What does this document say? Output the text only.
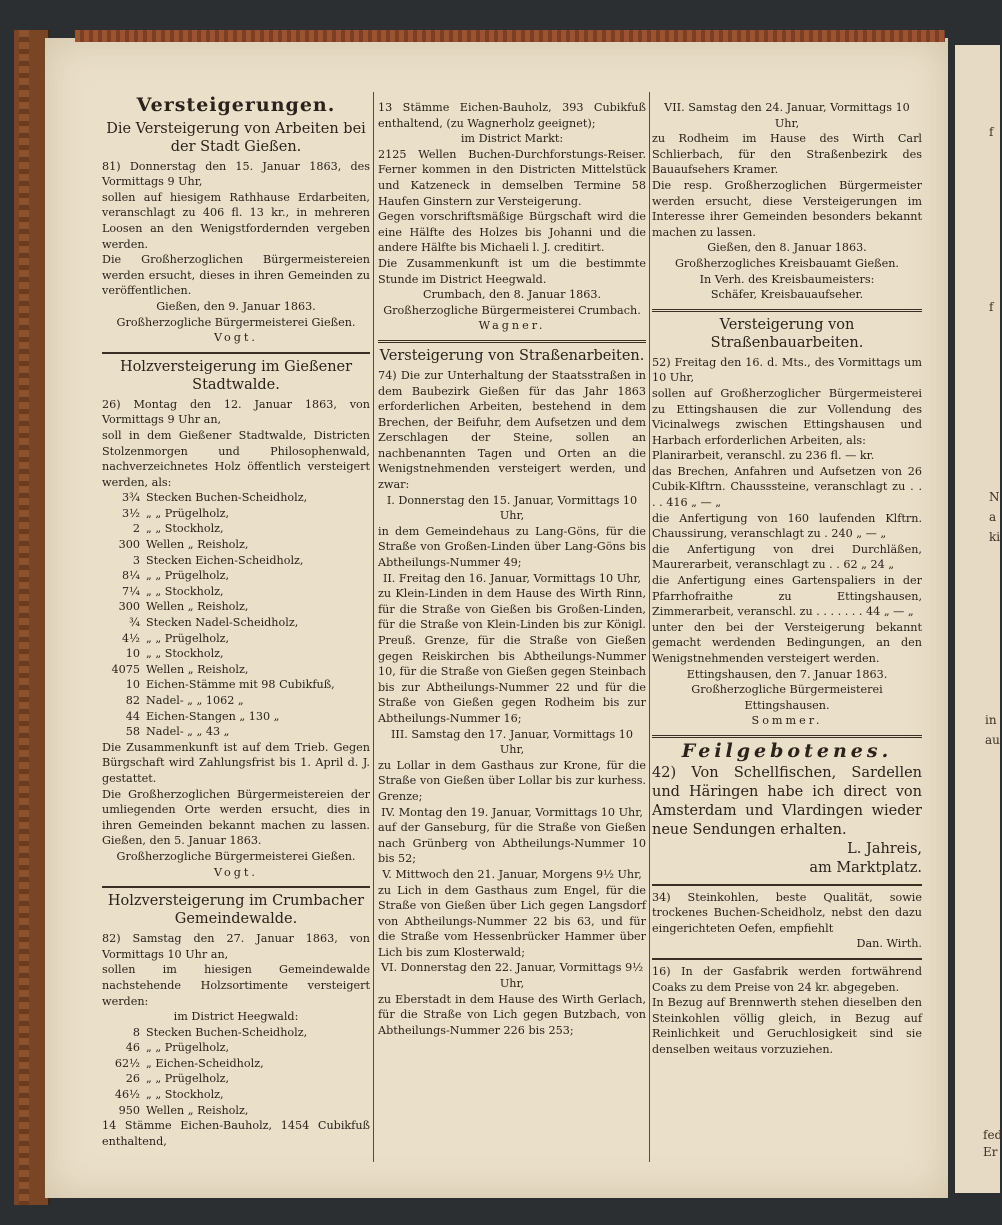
f
f
N
a
ki
in
au
fed
Er
Versteigerungen.
Die Versteigerung von Arbeiten bei der Stadt Gießen.

81) Donnerstag den 15. Januar 1863, des Vormittags 9 Uhr,

sollen auf hiesigem Rathhause Erdarbeiten, veranschlagt zu 406 fl. 13 kr., in mehreren Loosen an den Wenigstfordernden vergeben werden.

Die Großherzoglichen Bürgermeistereien werden ersucht, dieses in ihren Gemeinden zu veröffentlichen.

Gießen, den 9. Januar 1863.

Großherzogliche Bürgermeisterei Gießen.

Vogt.

Holzversteigerung im Gießener Stadtwalde.

26) Montag den 12. Januar 1863, von Vormittags 9 Uhr an,

soll in dem Gießener Stadtwalde, Districten Stolzenmorgen und Philosophenwald, nachverzeichnetes Holz öffentlich versteigert werden, als:

3¾ Stecken Buchen-Scheidholz,
3½ „ „ Prügelholz,
2 „ „ Stockholz,
300 Wellen „ Reisholz,
3 Stecken Eichen-Scheidholz,
8¼ „ „ Prügelholz,
7¼ „ „ Stockholz,
300 Wellen „ Reisholz,
¾ Stecken Nadel-Scheidholz,
4½ „ „ Prügelholz,
10 „ „ Stockholz,
4075 Wellen „ Reisholz,
10 Eichen-Stämme mit 98 Cubikfuß,
82 Nadel- „ „ 1062 „
44 Eichen-Stangen „ 130 „
58 Nadel- „ „ 43 „

Die Zusammenkunft ist auf dem Trieb. Gegen Bürgschaft wird Zahlungsfrist bis 1. April d. J. gestattet.

Die Großherzoglichen Bürgermeistereien der umliegenden Orte werden ersucht, dies in ihren Gemeinden bekannt machen zu lassen. Gießen, den 5. Januar 1863.

Großherzogliche Bürgermeisterei Gießen.

Vogt.

Holzversteigerung im Crumbacher Gemeindewalde.

82) Samstag den 27. Januar 1863, von Vormittags 10 Uhr an,

sollen im hiesigen Gemeindewalde nachstehende Holzsortimente versteigert werden:

im District Heegwald:

8 Stecken Buchen-Scheidholz,
46 „ „ Prügelholz,
62½ „ Eichen-Scheidholz,
26 „ „ Prügelholz,
46½ „ „ Stockholz,
950 Wellen „ Reisholz,

14 Stämme Eichen-Bauholz, 1454 Cubikfuß enthaltend,

13 Stämme Eichen-Bauholz, 393 Cubikfuß enthaltend, (zu Wagnerholz geeignet);

im District Markt:

2125 Wellen Buchen-Durchforstungs-Reiser. Ferner kommen in den Districten Mittelstück und Katzeneck in demselben Termine 58 Haufen Ginstern zur Versteigerung.

Gegen vorschriftsmäßige Bürgschaft wird die eine Hälfte des Holzes bis Johanni und die andere Hälfte bis Michaeli l. J. creditirt.

Die Zusammenkunft ist um die bestimmte Stunde im District Heegwald.

Crumbach, den 8. Januar 1863.

Großherzogliche Bürgermeisterei Crumbach.

Wagner.

Versteigerung von Straßenarbeiten.

74) Die zur Unterhaltung der Staatsstraßen in dem Baubezirk Gießen für das Jahr 1863 erforderlichen Arbeiten, bestehend in dem Brechen, der Beifuhr, dem Aufsetzen und dem Zerschlagen der Steine, sollen an nachbenannten Tagen und Orten an die Wenigstnehmenden versteigert werden, und zwar:

I. Donnerstag den 15. Januar, Vormittags 10 Uhr,

in dem Gemeindehaus zu Lang-Göns, für die Straße von Großen-Linden über Lang-Göns bis Abtheilungs-Nummer 49;

II. Freitag den 16. Januar, Vormittags 10 Uhr,

zu Klein-Linden in dem Hause des Wirth Rinn, für die Straße von Gießen bis Großen-Linden, für die Straße von Klein-Linden bis zur Königl. Preuß. Grenze, für die Straße von Gießen gegen Reiskirchen bis Abtheilungs-Nummer 10, für die Straße von Gießen gegen Steinbach bis zur Abtheilungs-Nummer 22 und für die Straße von Gießen gegen Rodheim bis zur Abtheilungs-Nummer 16;

III. Samstag den 17. Januar, Vormittags 10 Uhr,

zu Lollar in dem Gasthaus zur Krone, für die Straße von Gießen über Lollar bis zur kurhess. Grenze;

IV. Montag den 19. Januar, Vormittags 10 Uhr,

auf der Ganseburg, für die Straße von Gießen nach Grünberg von Abtheilungs-Nummer 10 bis 52;

V. Mittwoch den 21. Januar, Morgens 9½ Uhr,

zu Lich in dem Gasthaus zum Engel, für die Straße von Gießen über Lich gegen Langsdorf von Abtheilungs-Nummer 22 bis 63, und für die Straße vom Hessenbrücker Hammer über Lich bis zum Klosterwald;

VI. Donnerstag den 22. Januar, Vormittags 9½ Uhr,

zu Eberstadt in dem Hause des Wirth Gerlach, für die Straße von Lich gegen Butzbach, von Abtheilungs-Nummer 226 bis 253;

VII. Samstag den 24. Januar, Vormittags 10 Uhr,

zu Rodheim im Hause des Wirth Carl Schlierbach, für den Straßenbezirk des Bauaufsehers Kramer.

Die resp. Großherzoglichen Bürgermeister werden ersucht, diese Versteigerungen im Interesse ihrer Gemeinden besonders bekannt machen zu lassen.

Gießen, den 8. Januar 1863.

Großherzogliches Kreisbauamt Gießen.

In Verh. des Kreisbaumeisters:

Schäfer, Kreisbauaufseher.

Versteigerung von Straßenbauarbeiten.

52) Freitag den 16. d. Mts., des Vormittags um 10 Uhr,

sollen auf Großherzoglicher Bürgermeisterei zu Ettingshausen die zur Vollendung des Vicinalwegs zwischen Ettingshausen und Harbach erforderlichen Arbeiten, als:

Planirarbeit, veranschl. zu 236 fl. — kr.

das Brechen, Anfahren und Aufsetzen von 26 Cubik-Klftrn. Chausssteine, veranschlagt zu . . . . 416 „ — „

die Anfertigung von 160 laufenden Klftrn. Chaussirung, veranschlagt zu . 240 „ — „

die Anfertigung von drei Durchläßen, Maurerarbeit, veranschlagt zu . . 62 „ 24 „

die Anfertigung eines Gartenspaliers in der Pfarrhofraithe zu Ettingshausen, Zimmerarbeit, veranschl. zu . . . . . . . 44 „ — „

unter den bei der Versteigerung bekannt gemacht werdenden Bedingungen, an den Wenigstnehmenden versteigert werden.

Ettingshausen, den 7. Januar 1863.

Großherzogliche Bürgermeisterei Ettingshausen.

Sommer.

Feilgebotenes.

42) Von Schellfischen, Sardellen und Häringen habe ich direct von Amsterdam und Vlardingen wieder neue Sendungen erhalten.

L. Jahreis,

am Marktplatz.

34) Steinkohlen, beste Qualität, sowie trockenes Buchen-Scheidholz, nebst den dazu eingerichteten Oefen, empfiehlt

Dan. Wirth.

16) In der Gasfabrik werden fortwährend Coaks zu dem Preise von 24 kr. abgegeben.

In Bezug auf Brennwerth stehen dieselben den Steinkohlen völlig gleich, in Bezug auf Reinlichkeit und Geruchlosigkeit sind sie denselben weitaus vorzuziehen.
